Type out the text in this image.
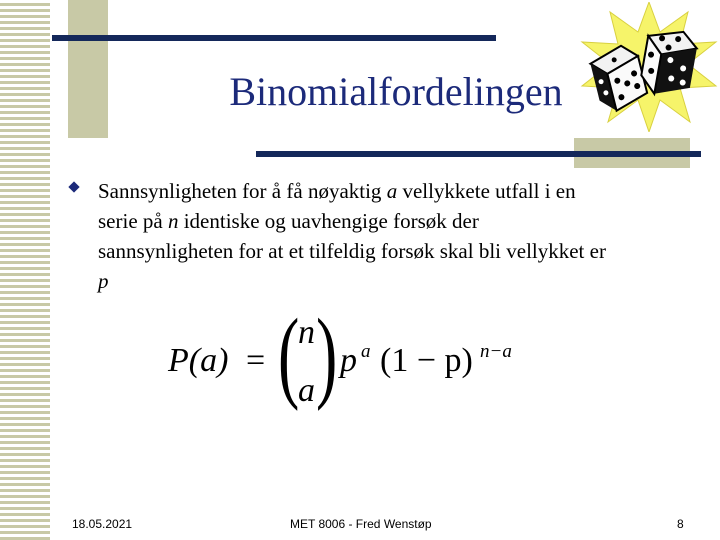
Binomialfordelingen
Sannsynligheten for å få nøyaktig a vellykkete utfall i en
serie på n identiske og uavhengige forsøk der
sannsynligheten for at et tilfeldig forsøk skal bli vellykket er
p
P(a) = (
n
a ) p a (1 − p) n−a
18.05.2021	MET 8006 - Fred Wenstøp	8
